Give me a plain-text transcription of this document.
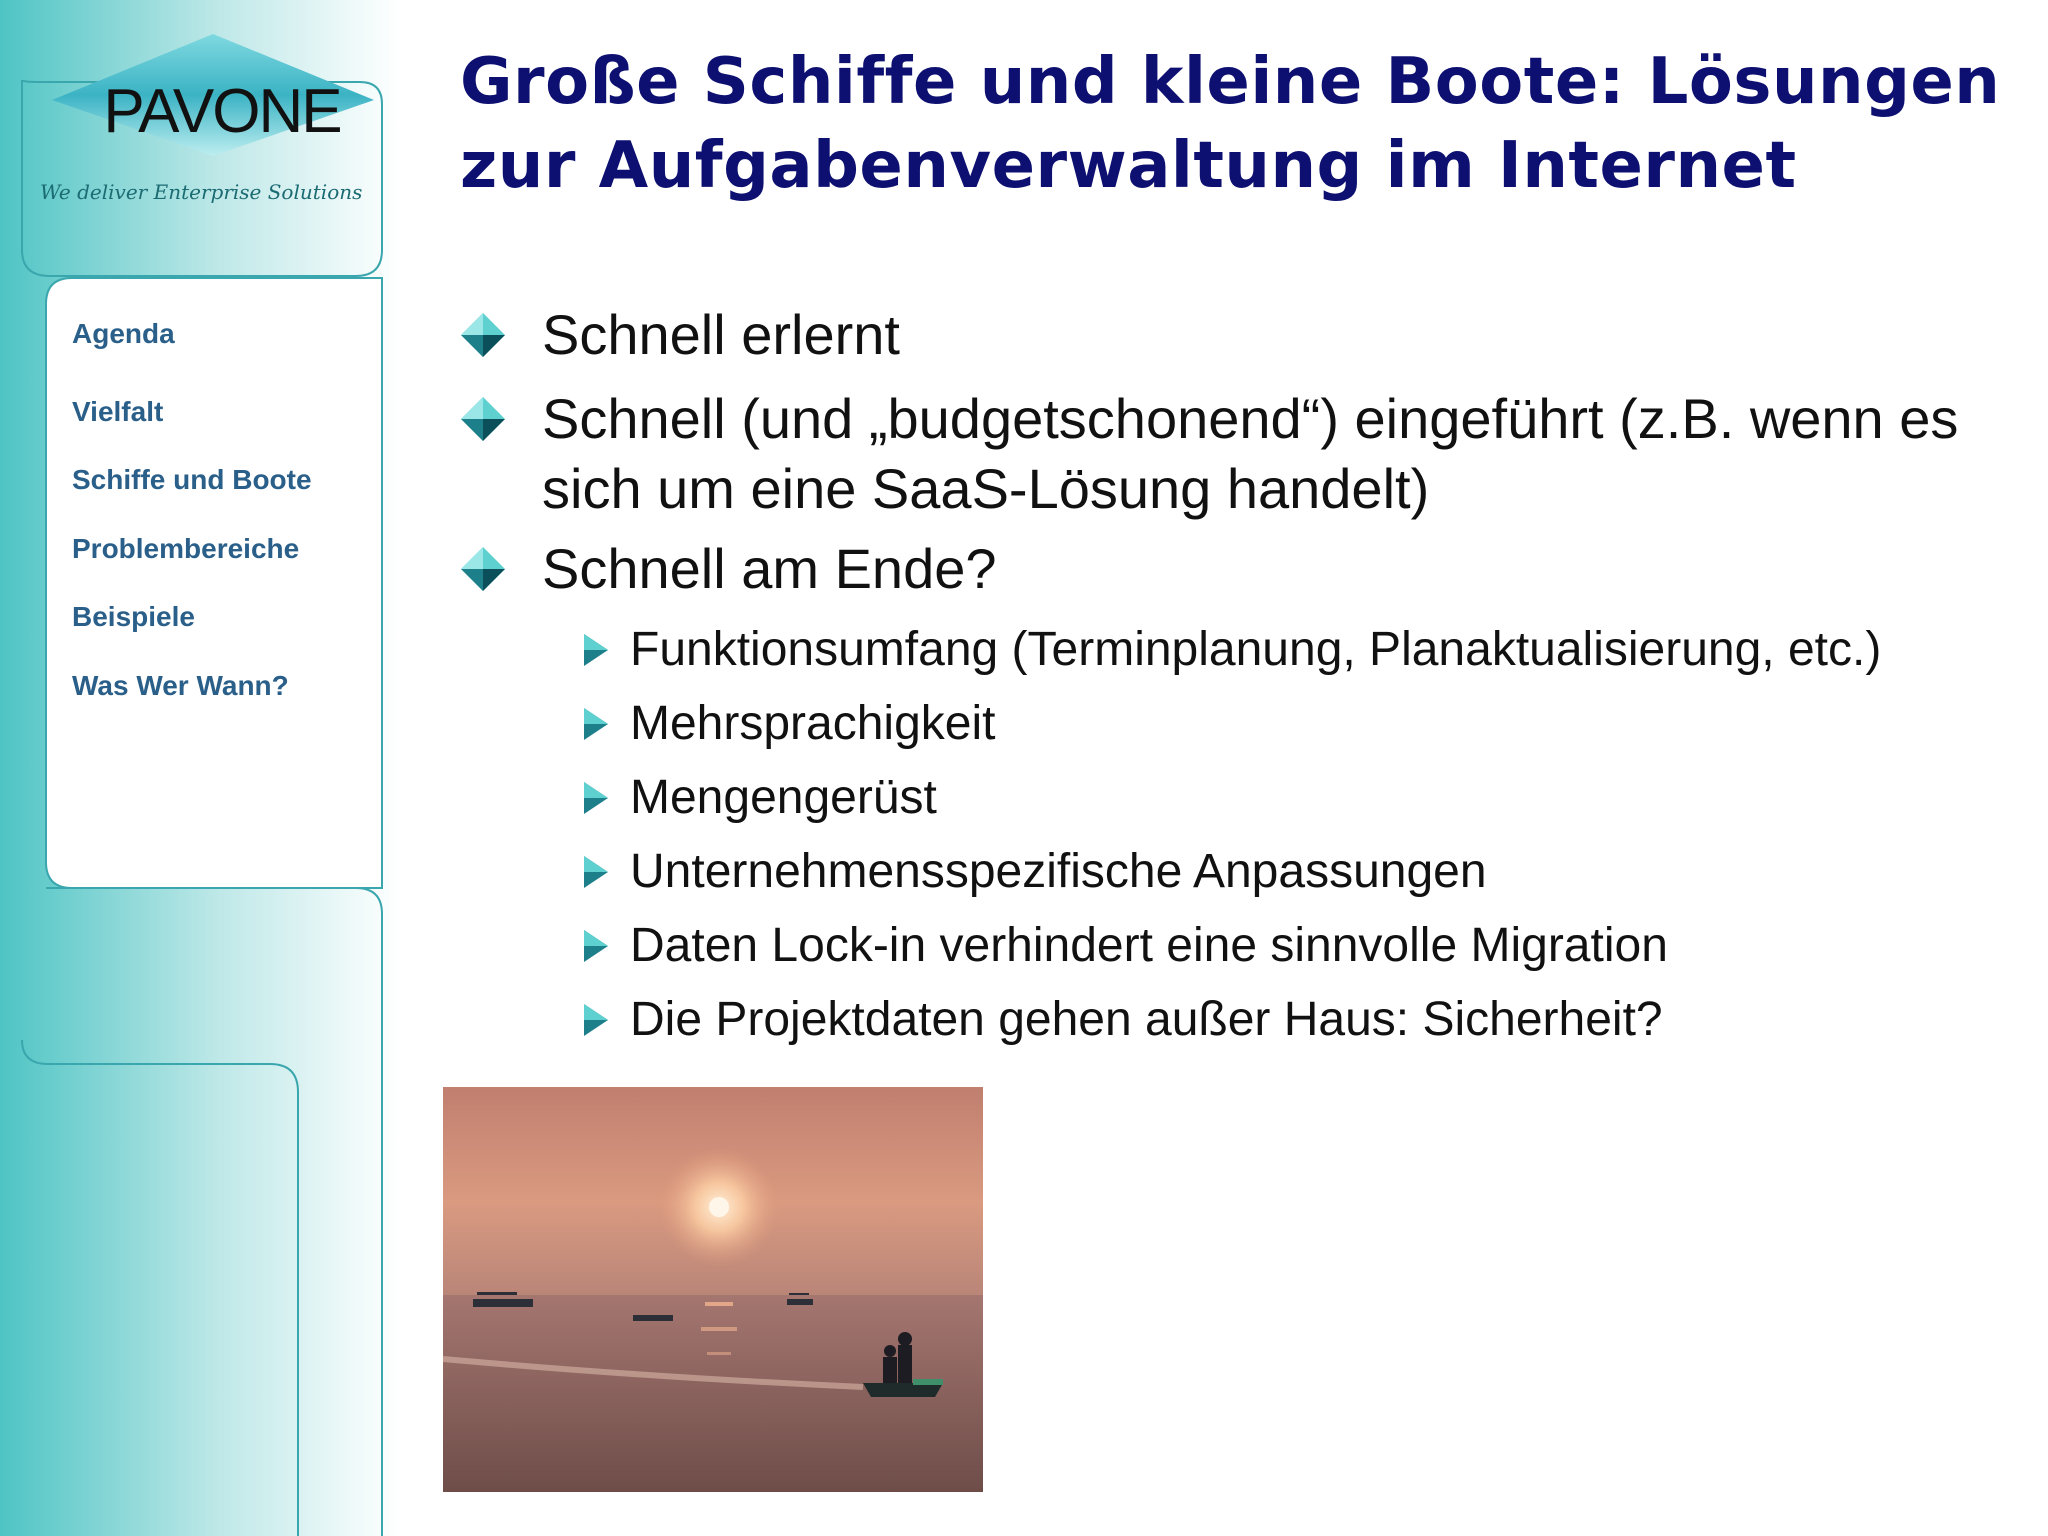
PAVONE
We deliver Enterprise Solutions
Agenda
Vielfalt
Schiffe und Boote
Problembereiche
Beispiele
Was Wer Wann?
Große Schiffe und kleine Boote: Lösungen
zur Aufgabenverwaltung im Internet
Schnell erlernt
Schnell (und „budgetschonend“) eingeführt (z.B. wenn es sich um eine SaaS-Lösung handelt)
Schnell am Ende?
Funktionsumfang (Terminplanung, Planaktualisierung, etc.)
Mehrsprachigkeit
Mengengerüst
Unternehmensspezifische Anpassungen
Daten Lock-in verhindert eine sinnvolle Migration
Die Projektdaten gehen außer Haus: Sicherheit?
